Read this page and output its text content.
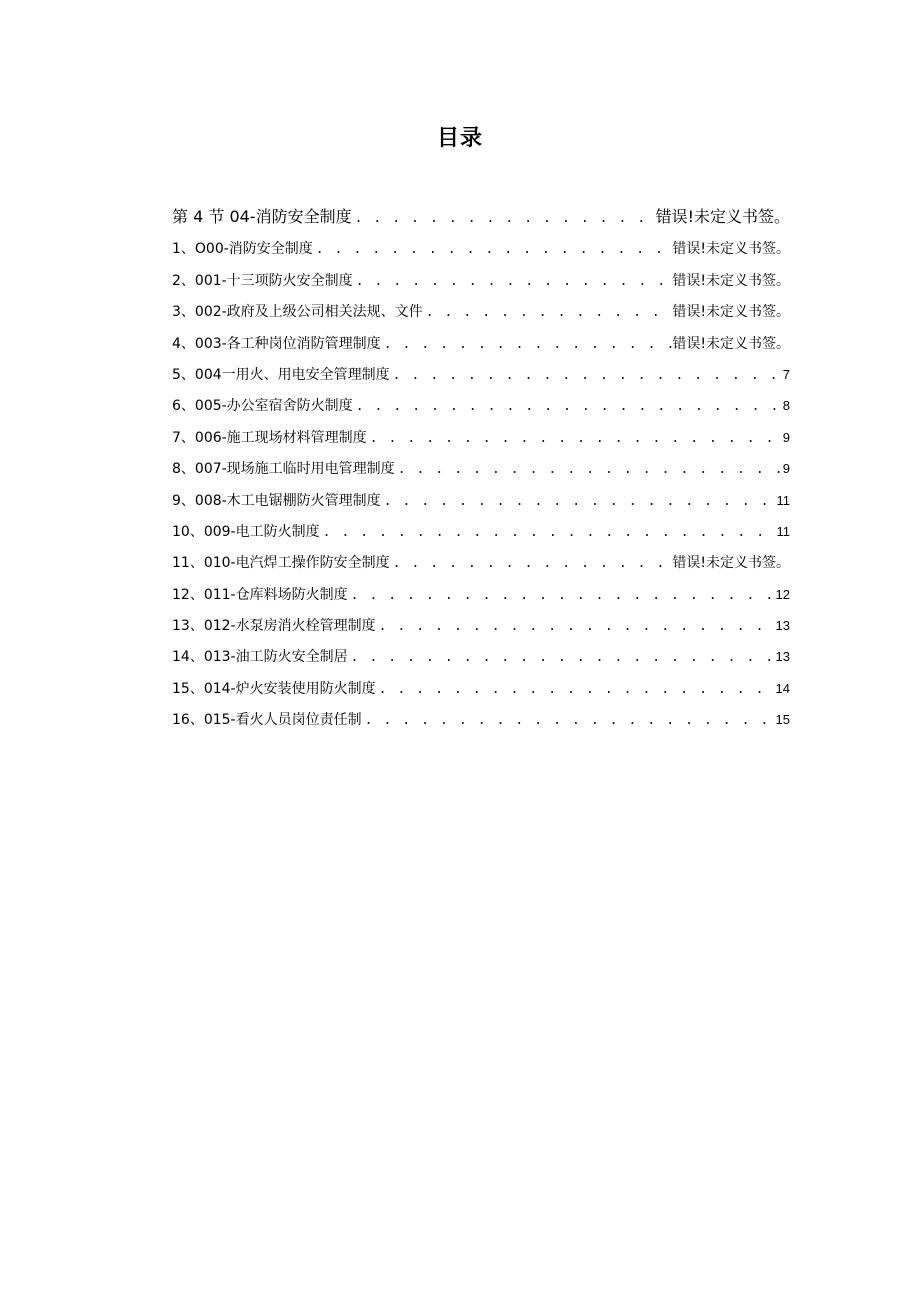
目录
第 4 节 04-消防安全制度 . . .	错误!未定义书签。
1、O00-消防安全制度 . . .	错误!未定义书签。
2、001-十三项防火安全制度 . . .	错误!未定义书签。
3、002-政府及上级公司相关法规、文件 . . .	错误!未定义书签。
4、003-各工种岗位消防管理制度 . . .	错误!未定义书签。
5、004一用火、用电安全管理制度 . . .	7
6、005-办公室宿舍防火制度 . . .	8
7、006-施工现场材料管理制度 . . .	9
8、007-现场施工临时用电管理制度 . . .	9
9、008-木工电锯棚防火管理制度 . . .	11
10、009-电工防火制度 . . .	11
11、010-电汽焊工操作防安全制度 . . .	错误!未定义书签。
12、011-仓库料场防火制度 . . .	12
13、012-水泵房消火栓管理制度 . . .	13
14、013-油工防火安全制居 . . .	13
15、014-炉火安装使用防火制度 . . .	14
16、015-看火人员岗位责任制 . . .	15
